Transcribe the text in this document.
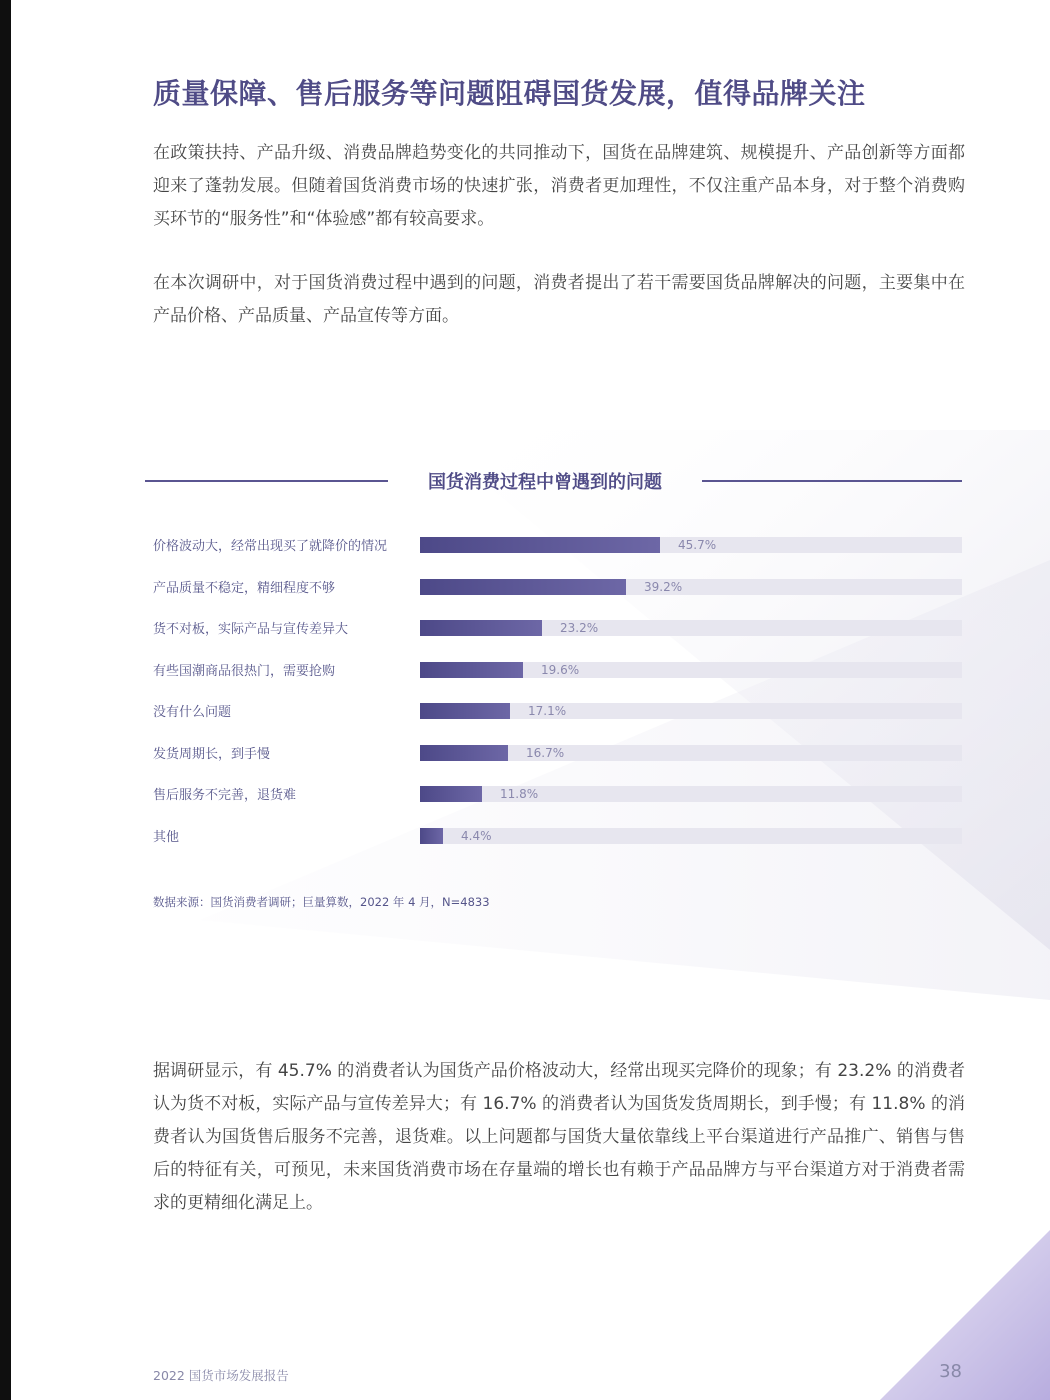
质量保障、售后服务等问题阻碍国货发展，值得品牌关注

在政策扶持、产品升级、消费品牌趋势变化的共同推动下，国货在品牌建筑、规模提升、产品创新等方面都迎来了蓬勃发展。但随着国货消费市场的快速扩张，消费者更加理性，不仅注重产品本身，对于整个消费购买环节的“服务性”和“体验感”都有较高要求。

在本次调研中，对于国货消费过程中遇到的问题，消费者提出了若干需要国货品牌解决的问题，主要集中在产品价格、产品质量、产品宣传等方面。

国货消费过程中曾遇到的问题
价格波动大，经常出现买了就降价的情况	45.7%
产品质量不稳定，精细程度不够	39.2%
货不对板，实际产品与宣传差异大	23.2%
有些国潮商品很热门，需要抢购	19.6%
没有什么问题	17.1%
发货周期长，到手慢	16.7%
售后服务不完善，退货难	11.8%
其他	4.4%
数据来源：国货消费者调研；巨量算数，2022 年 4 月，N=4833

据调研显示，有 45.7% 的消费者认为国货产品价格波动大，经常出现买完降价的现象；有 23.2% 的消费者认为货不对板，实际产品与宣传差异大；有 16.7% 的消费者认为国货发货周期长，到手慢；有 11.8% 的消费者认为国货售后服务不完善，退货难。以上问题都与国货大量依靠线上平台渠道进行产品推广、销售与售后的特征有关，可预见，未来国货消费市场在存量端的增长也有赖于产品品牌方与平台渠道方对于消费者需求的更精细化满足上。

2022 国货市场发展报告	38
